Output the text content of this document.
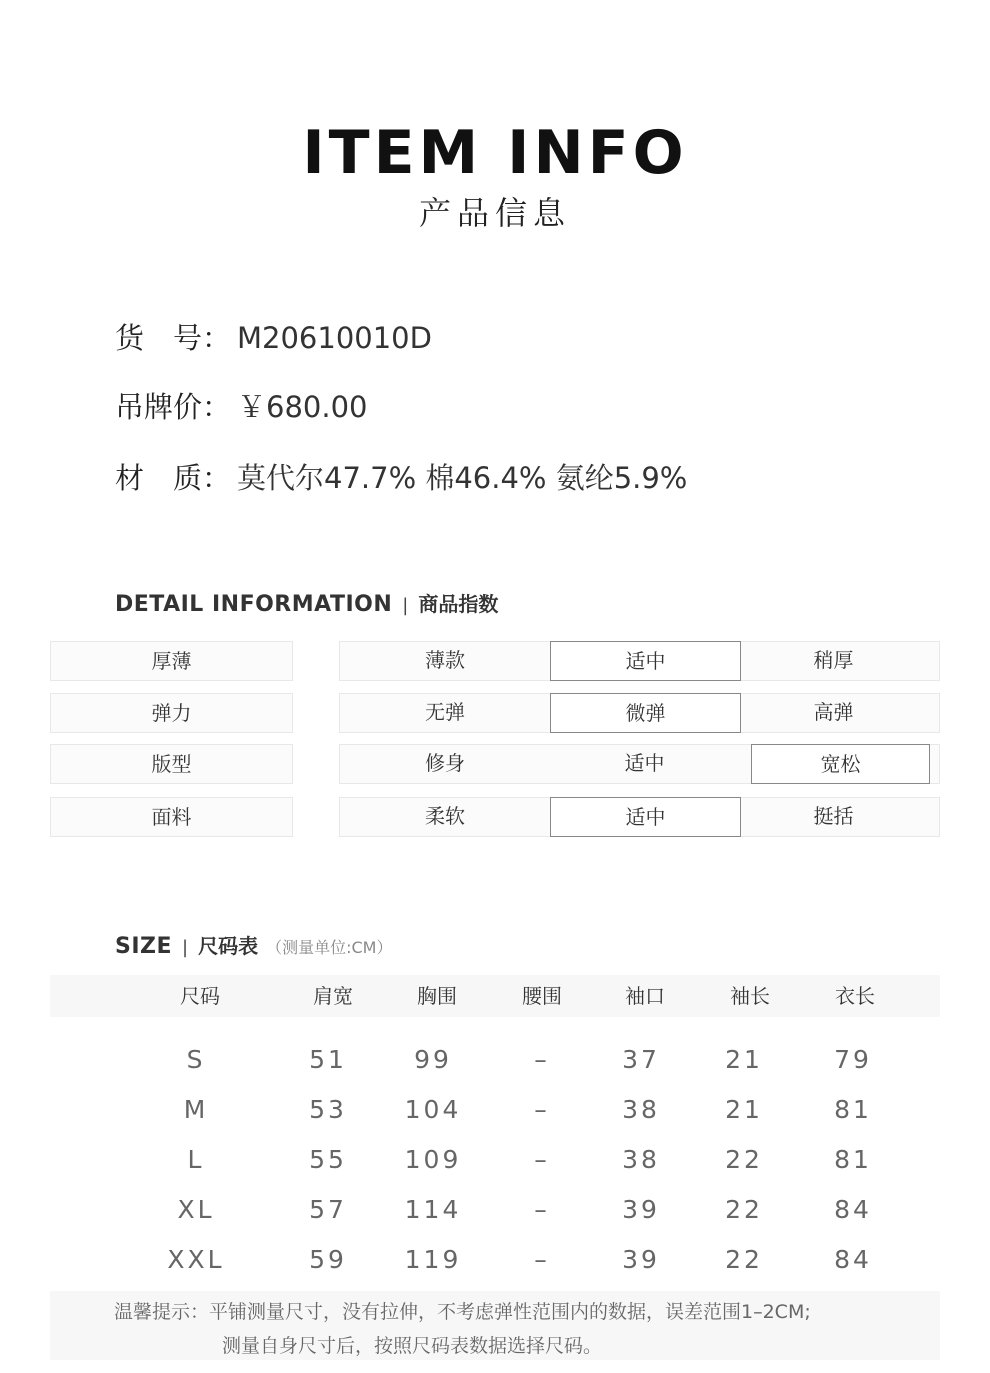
ITEM INFO
产品信息
货　号： M20610010D
吊牌价： ￥680.00
材　质： 莫代尔47.7% 棉46.4% 氨纶5.9%
DETAIL INFORMATION | 商品指数
厚薄	薄款	适中	稍厚
弹力	无弹	微弹	高弹
版型	修身	适中	宽松
面料	柔软	适中	挺括
SIZE | 尺码表 （测量单位:CM）
尺码	肩宽	胸围	腰围	袖口	袖长	衣长
S	51	99	–	37	21	79
M	53	104	–	38	21	81
L	55	109	–	38	22	81
XL	57	114	–	39	22	84
XXL	59	119	–	39	22	84
温馨提示：平铺测量尺寸，没有拉伸，不考虑弹性范围内的数据，误差范围1–2CM;
测量自身尺寸后，按照尺码表数据选择尺码。
